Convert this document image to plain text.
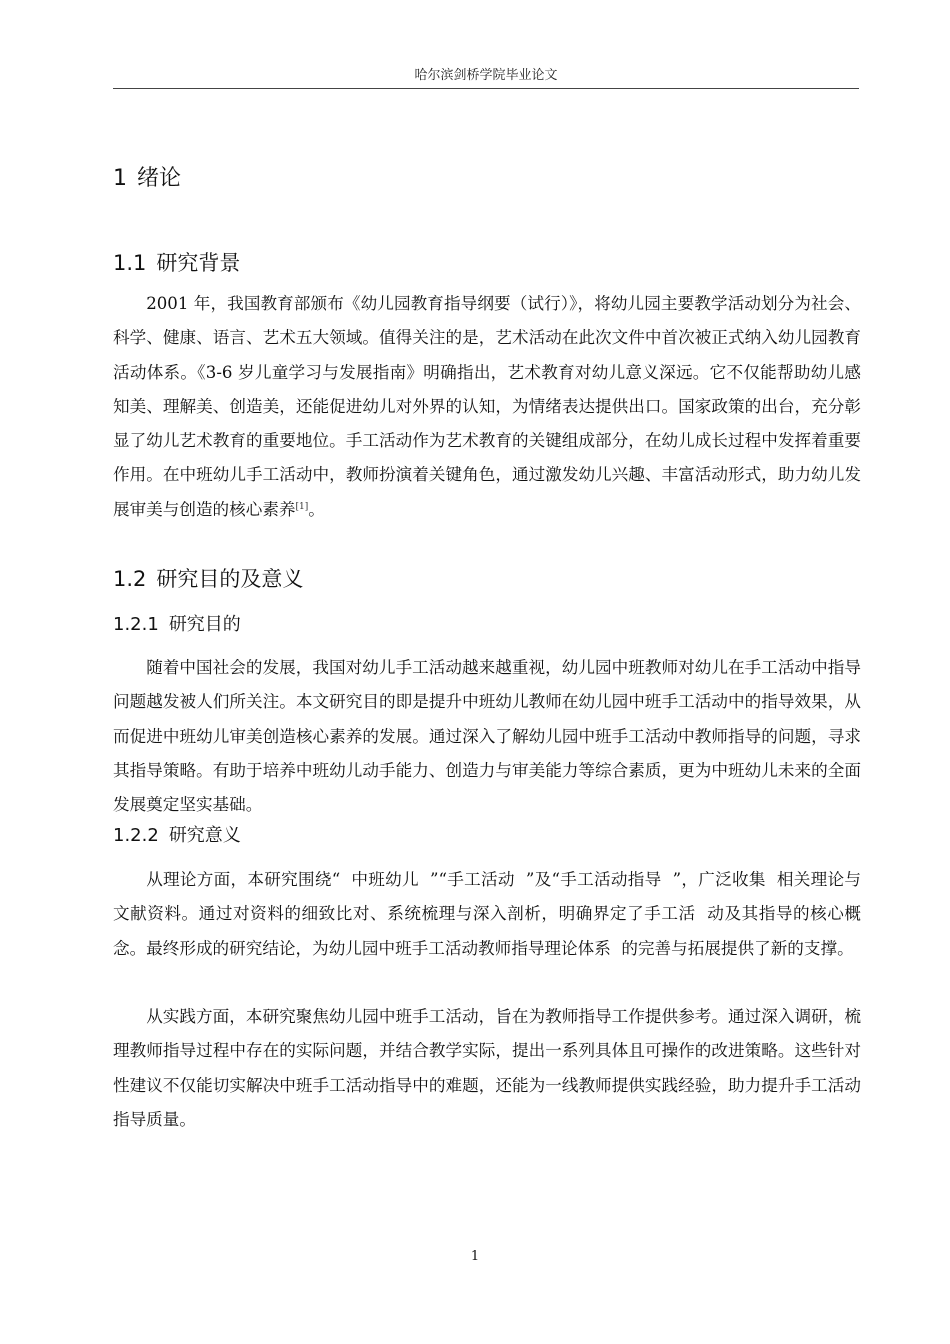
哈尔滨剑桥学院毕业论文
1 绪论
1.1 研究背景

2001 年，我国教育部颁布《幼儿园教育指导纲要（试行）》，将幼儿园主要教学活动划分为社会、科学、健康、语言、艺术五大领域。值得关注的是，艺术活动在此次文件中首次被正式纳入幼儿园教育活动体系。《3-6 岁儿童学习与发展指南》明确指出，艺术教育对幼儿意义深远。它不仅能帮助幼儿感知美、理解美、创造美，还能促进幼儿对外界的认知，为情绪表达提供出口。国家政策的出台，充分彰显了幼儿艺术教育的重要地位。手工活动作为艺术教育的关键组成部分，在幼儿成长过程中发挥着重要作用。在中班幼儿手工活动中，教师扮演着关键角色，通过激发幼儿兴趣、丰富活动形式，助力幼儿发展审美与创造的核心素养[1]。

1.2 研究目的及意义
1.2.1 研究目的

随着中国社会的发展，我国对幼儿手工活动越来越重视，幼儿园中班教师对幼儿在手工活动中指导问题越发被人们所关注。本文研究目的即是提升中班幼儿教师在幼儿园中班手工活动中的指导效果，从而促进中班幼儿审美创造核心素养的发展。通过深入了解幼儿园中班手工活动中教师指导的问题，寻求其指导策略。有助于培养中班幼儿动手能力、创造力与审美能力等综合素质，更为中班幼儿未来的全面发展奠定坚实基础。

1.2.2 研究意义

从理论方面，本研究围绕“  中班幼儿  ”“手工活动  ”及“手工活动指导  ”，广泛收集  相关理论与文献资料。通过对资料的细致比对、系统梳理与深入剖析，明确界定了手工活  动及其指导的核心概念。最终形成的研究结论，为幼儿园中班手工活动教师指导理论体系  的完善与拓展提供了新的支撑。

从实践方面，本研究聚焦幼儿园中班手工活动，旨在为教师指导工作提供参考。通过深入调研，梳理教师指导过程中存在的实际问题，并结合教学实际，提出一系列具体且可操作的改进策略。这些针对性建议不仅能切实解决中班手工活动指导中的难题，还能为一线教师提供实践经验，助力提升手工活动指导质量。

1
